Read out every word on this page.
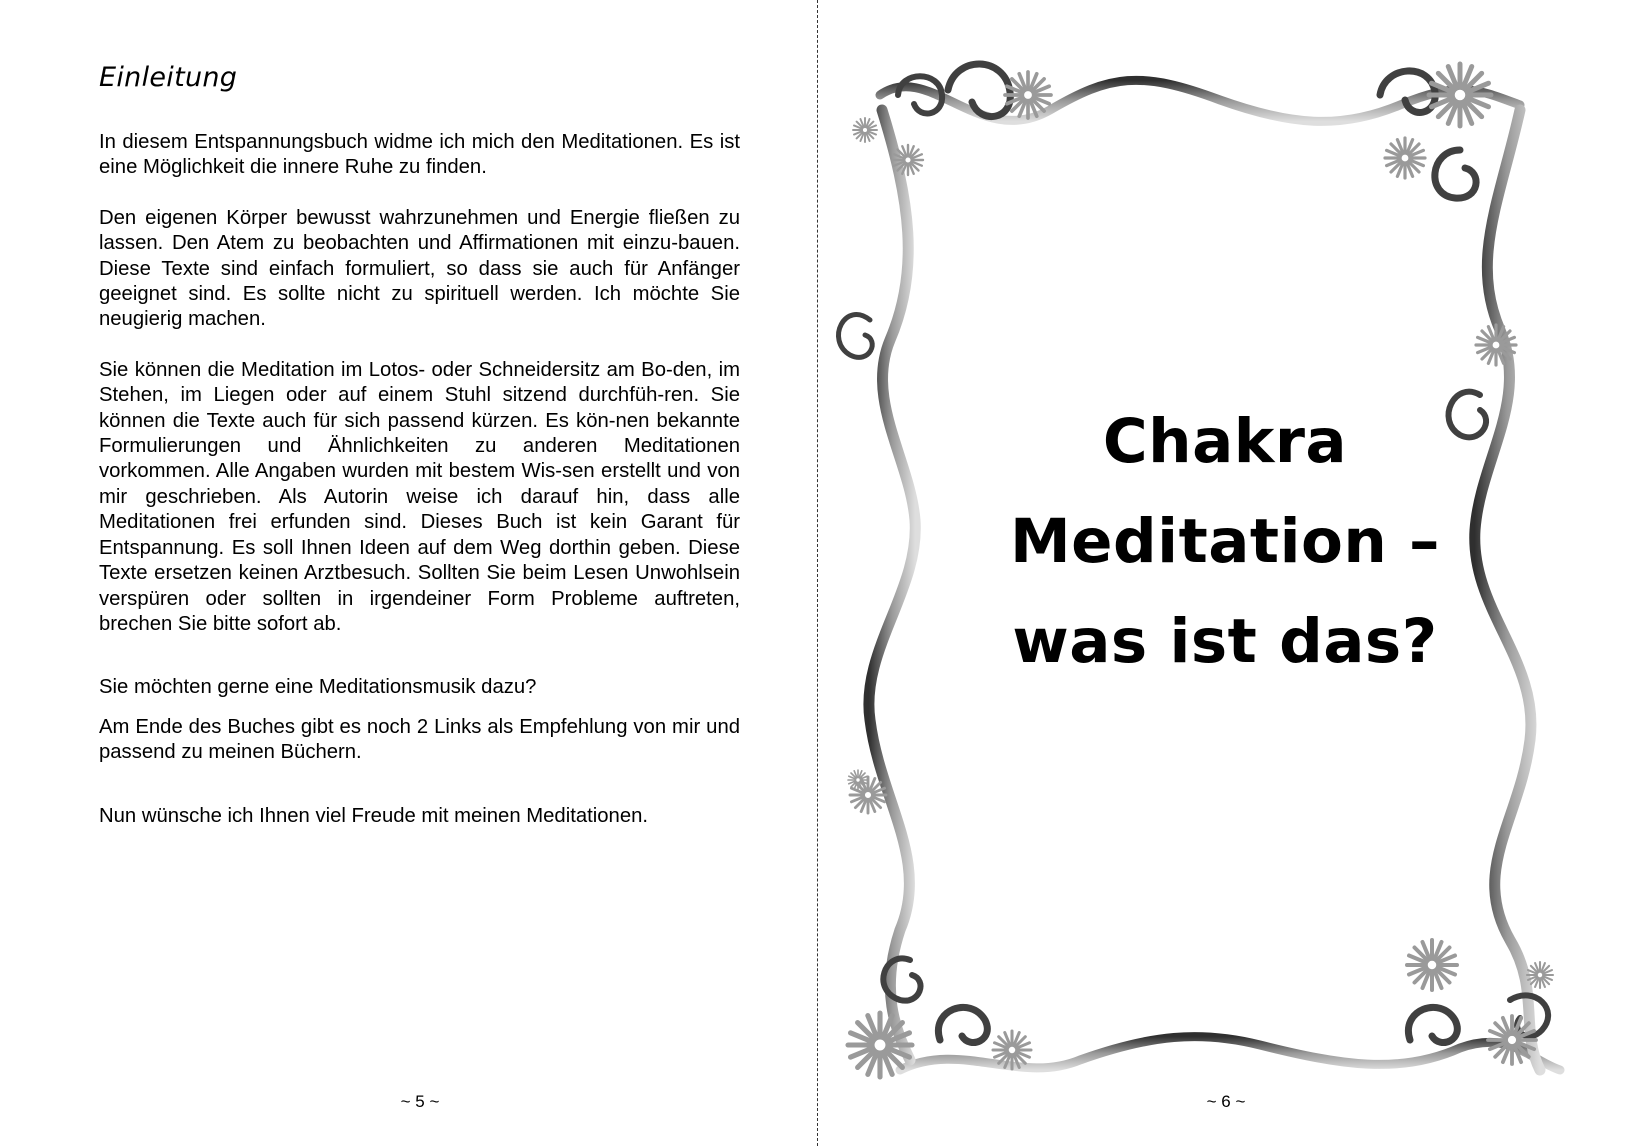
Einleitung

In diesem Entspannungsbuch widme ich mich den Meditationen. Es ist eine Möglichkeit die innere Ruhe zu finden.

Den eigenen Körper bewusst wahrzunehmen und Energie fließen zu lassen. Den Atem zu beobachten und Affirmationen mit einzu-bauen. Diese Texte sind einfach formuliert, so dass sie auch für Anfänger geeignet sind. Es sollte nicht zu spirituell werden. Ich möchte Sie neugierig machen.

Sie können die Meditation im Lotos- oder Schneidersitz am Bo-den, im Stehen, im Liegen oder auf einem Stuhl sitzend durchfüh-ren. Sie können die Texte auch für sich passend kürzen. Es kön-nen bekannte Formulierungen und Ähnlichkeiten zu anderen Meditationen vorkommen. Alle Angaben wurden mit bestem Wis-sen erstellt und von mir geschrieben. Als Autorin weise ich darauf hin, dass alle Meditationen frei erfunden sind. Dieses Buch ist kein Garant für Entspannung. Es soll Ihnen Ideen auf dem Weg dorthin geben. Diese Texte ersetzen keinen Arztbesuch. Sollten Sie beim Lesen Unwohlsein verspüren oder sollten in irgendeiner Form Probleme auftreten, brechen Sie bitte sofort ab.

Sie möchten gerne eine Meditationsmusik dazu?

Am Ende des Buches gibt es noch 2 Links als Empfehlung von mir und passend zu meinen Büchern.

Nun wünsche ich Ihnen viel Freude mit meinen Meditationen.

~ 5 ~
Chakra
Meditation –
was ist das?
~ 6 ~
